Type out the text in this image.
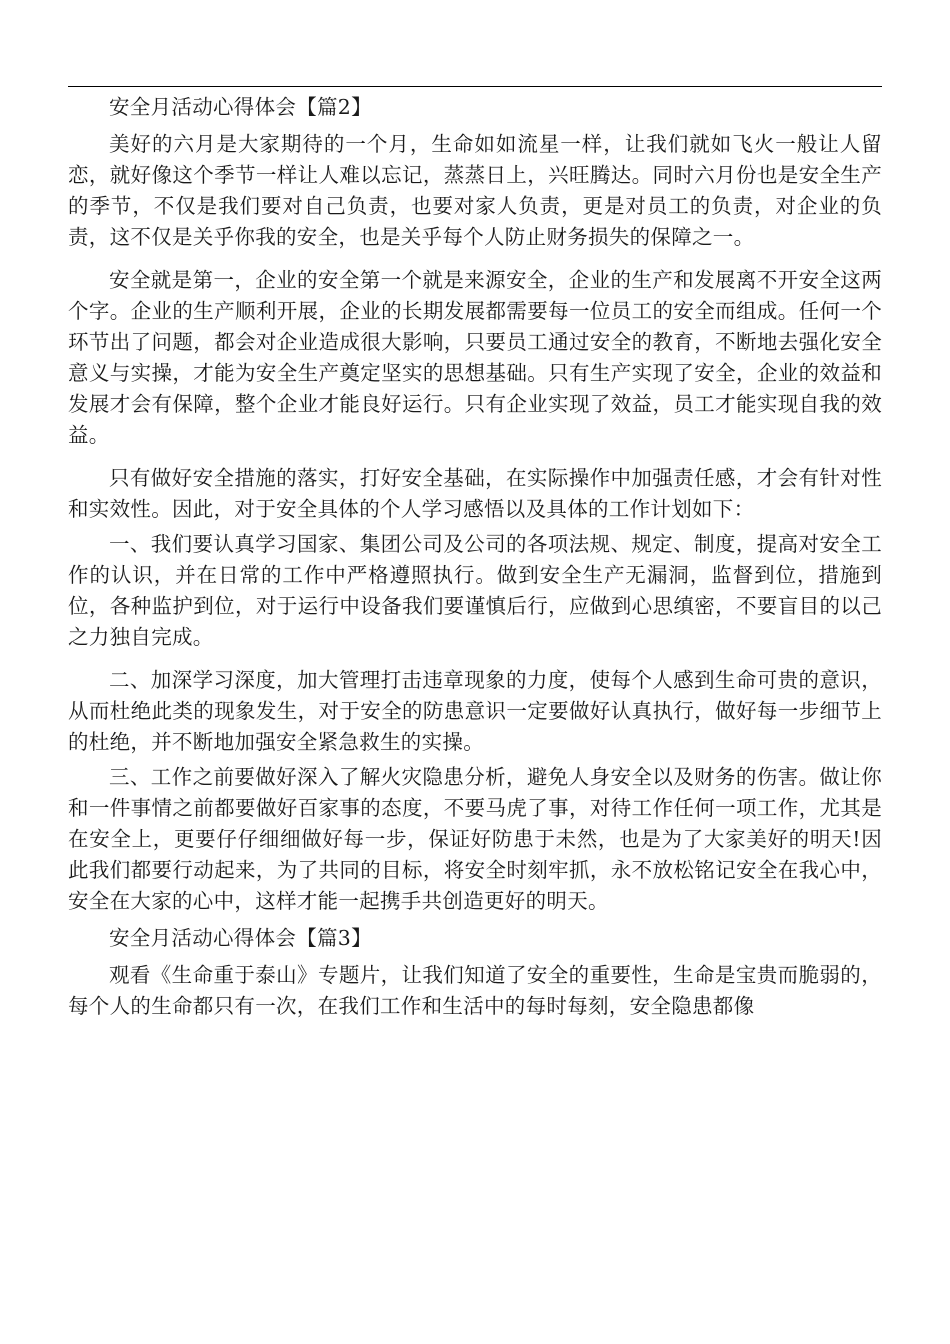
安全月活动心得体会【篇2】

美好的六月是大家期待的一个月，生命如如流星一样，让我们就如飞火一般让人留恋，就好像这个季节一样让人难以忘记，蒸蒸日上，兴旺腾达。同时六月份也是安全生产的季节，不仅是我们要对自己负责，也要对家人负责，更是对员工的负责，对企业的负责，这不仅是关乎你我的安全，也是关乎每个人防止财务损失的保障之一。

安全就是第一，企业的安全第一个就是来源安全，企业的生产和发展离不开安全这两个字。企业的生产顺利开展，企业的长期发展都需要每一位员工的安全而组成。任何一个环节出了问题，都会对企业造成很大影响，只要员工通过安全的教育，不断地去强化安全意义与实操，才能为安全生产奠定坚实的思想基础。只有生产实现了安全，企业的效益和发展才会有保障，整个企业才能良好运行。只有企业实现了效益，员工才能实现自我的效益。

只有做好安全措施的落实，打好安全基础，在实际操作中加强责任感，才会有针对性和实效性。因此，对于安全具体的个人学习感悟以及具体的工作计划如下：

一、我们要认真学习国家、集团公司及公司的各项法规、规定、制度，提高对安全工作的认识，并在日常的工作中严格遵照执行。做到安全生产无漏洞，监督到位，措施到位，各种监护到位，对于运行中设备我们要谨慎后行，应做到心思缜密，不要盲目的以己之力独自完成。

二、加深学习深度，加大管理打击违章现象的力度，使每个人感到生命可贵的意识，从而杜绝此类的现象发生，对于安全的防患意识一定要做好认真执行，做好每一步细节上的杜绝，并不断地加强安全紧急救生的实操。

三、工作之前要做好深入了解火灾隐患分析，避免人身安全以及财务的伤害。做让你和一件事情之前都要做好百家事的态度，不要马虎了事，对待工作任何一项工作，尤其是在安全上，更要仔仔细细做好每一步，保证好防患于未然，也是为了大家美好的明天!因此我们都要行动起来，为了共同的目标，将安全时刻牢抓，永不放松铭记安全在我心中，安全在大家的心中，这样才能一起携手共创造更好的明天。

安全月活动心得体会【篇3】

观看《生命重于泰山》专题片，让我们知道了安全的重要性，生命是宝贵而脆弱的，每个人的生命都只有一次，在我们工作和生活中的每时每刻，安全隐患都像
